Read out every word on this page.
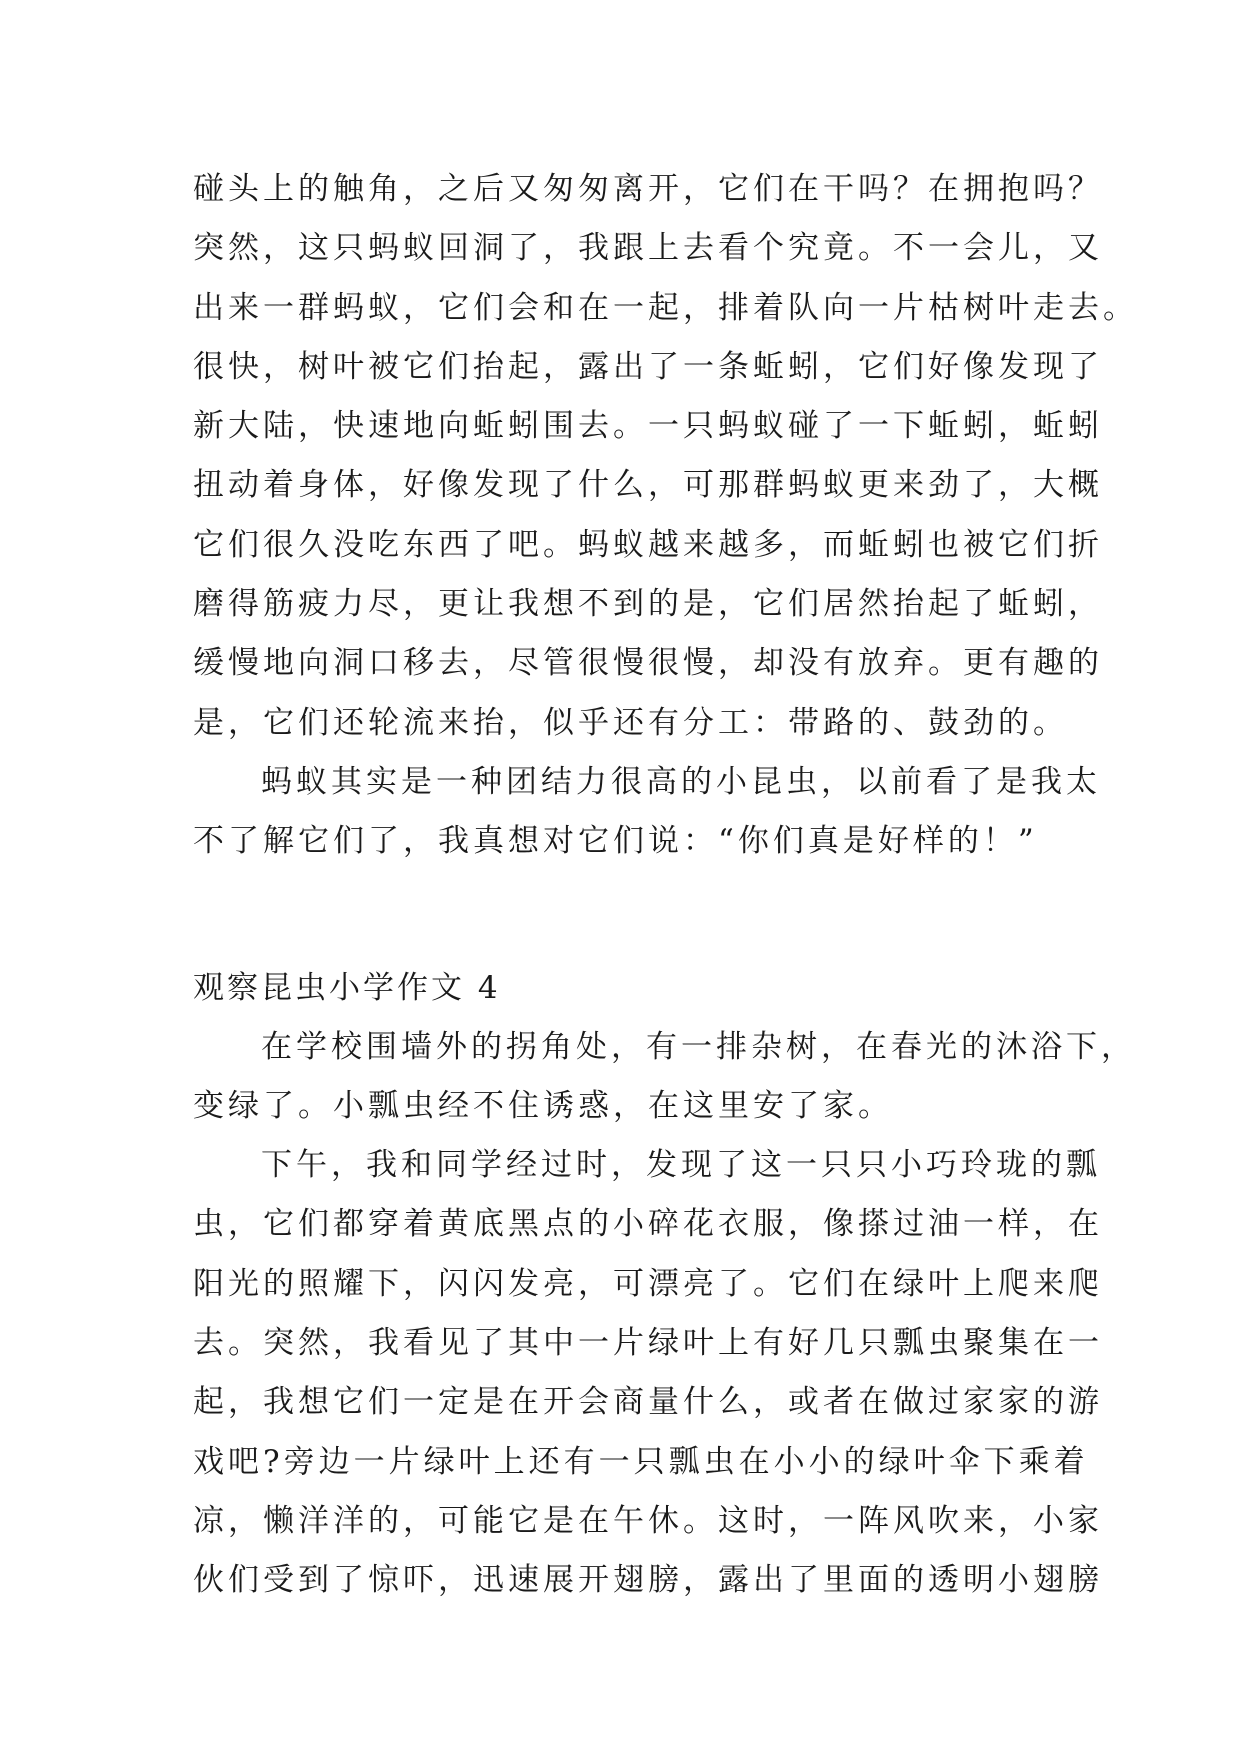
碰头上的触角，之后又匆匆离开，它们在干吗？在拥抱吗？
突然，这只蚂蚁回洞了，我跟上去看个究竟。不一会儿，又
出来一群蚂蚁，它们会和在一起，排着队向一片枯树叶走去。
很快，树叶被它们抬起，露出了一条蚯蚓，它们好像发现了
新大陆，快速地向蚯蚓围去。一只蚂蚁碰了一下蚯蚓，蚯蚓
扭动着身体，好像发现了什么，可那群蚂蚁更来劲了，大概
它们很久没吃东西了吧。蚂蚁越来越多，而蚯蚓也被它们折
磨得筋疲力尽，更让我想不到的是，它们居然抬起了蚯蚓，
缓慢地向洞口移去，尽管很慢很慢，却没有放弃。更有趣的
是，它们还轮流来抬，似乎还有分工：带路的、鼓劲的。
蚂蚁其实是一种团结力很高的小昆虫，以前看了是我太
不了解它们了，我真想对它们说：“你们真是好样的！”
观察昆虫小学作文 4
在学校围墙外的拐角处，有一排杂树，在春光的沐浴下，
变绿了。小瓢虫经不住诱惑，在这里安了家。
下午，我和同学经过时，发现了这一只只小巧玲珑的瓢
虫，它们都穿着黄底黑点的小碎花衣服，像搽过油一样，在
阳光的照耀下，闪闪发亮，可漂亮了。它们在绿叶上爬来爬
去。突然，我看见了其中一片绿叶上有好几只瓢虫聚集在一
起，我想它们一定是在开会商量什么，或者在做过家家的游
戏吧?旁边一片绿叶上还有一只瓢虫在小小的绿叶伞下乘着
凉，懒洋洋的，可能它是在午休。这时，一阵风吹来，小家
伙们受到了惊吓，迅速展开翅膀，露出了里面的透明小翅膀
